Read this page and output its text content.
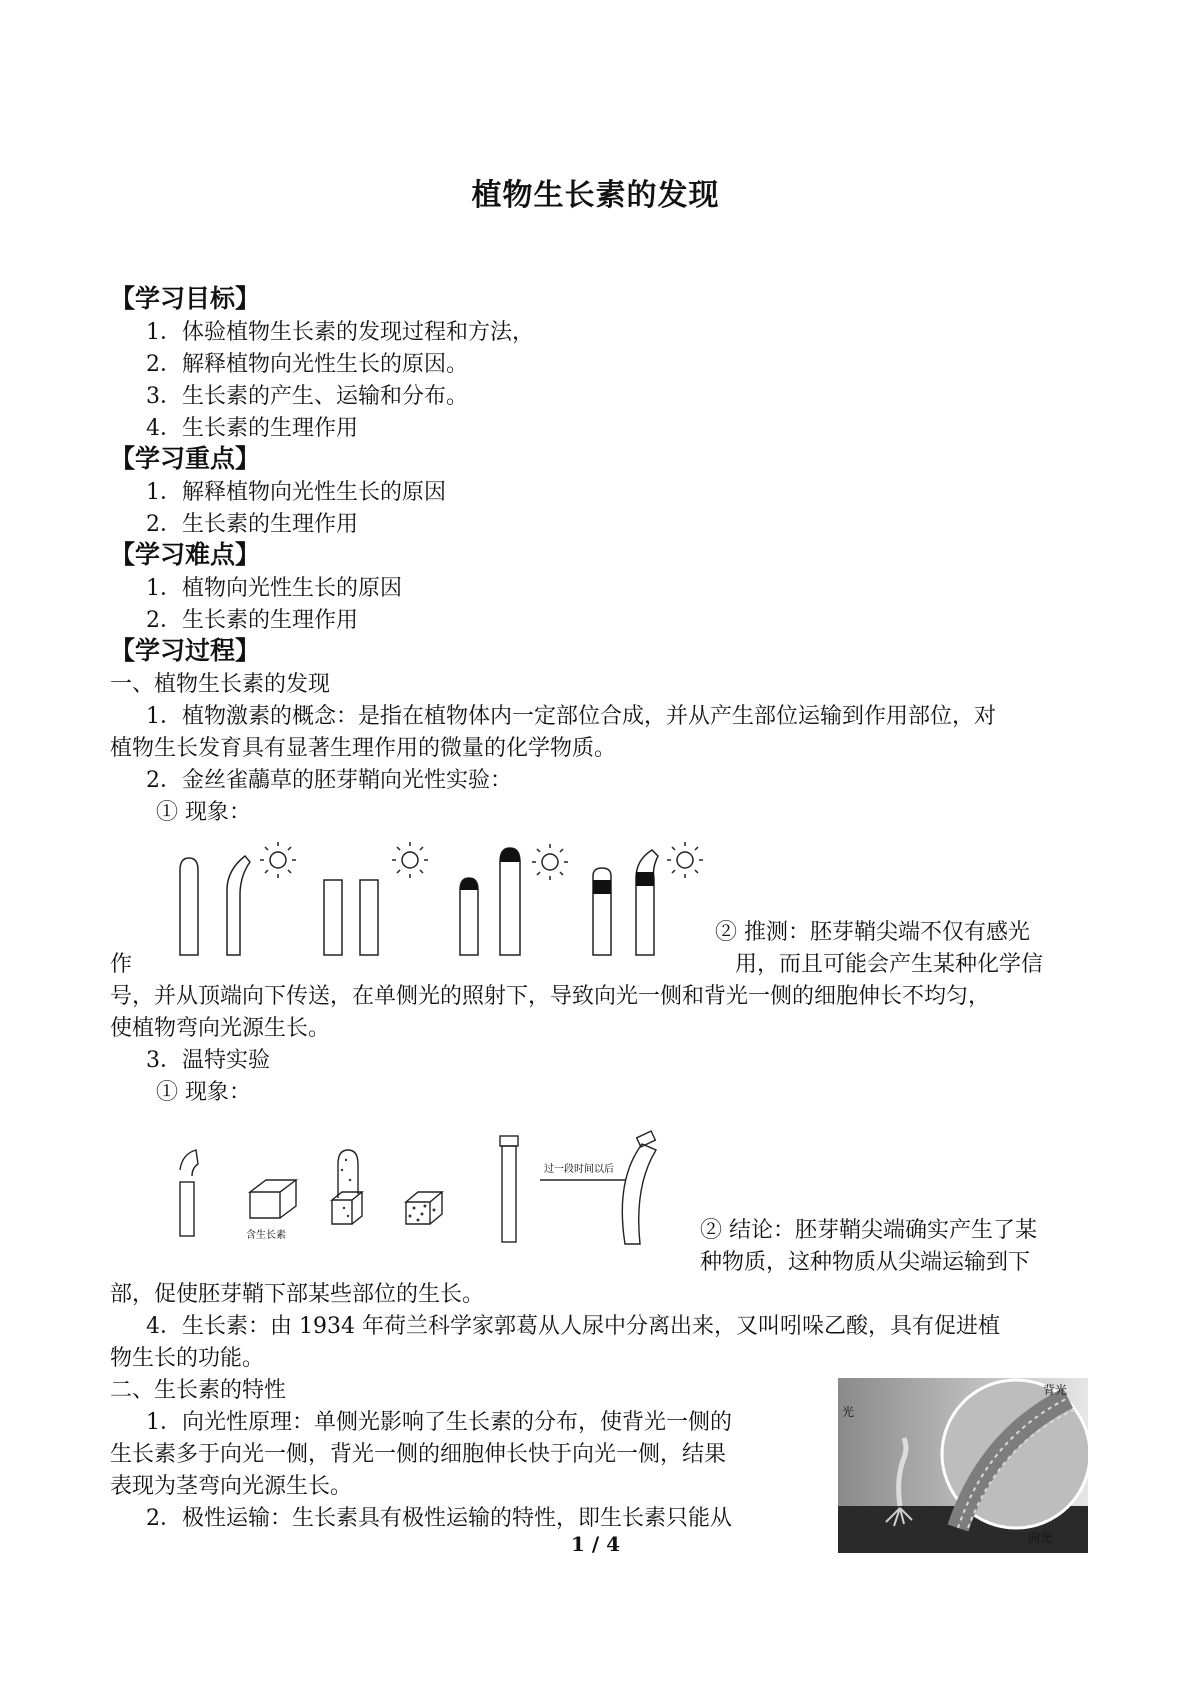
植物生长素的发现
【学习目标】
1．体验植物生长素的发现过程和方法，
2．解释植物向光性生长的原因。
3．生长素的产生、运输和分布。
4．生长素的生理作用
【学习重点】
1．解释植物向光性生长的原因
2．生长素的生理作用
【学习难点】
1．植物向光性生长的原因
2．生长素的生理作用
【学习过程】
一、植物生长素的发现
1．植物激素的概念：是指在植物体内一定部位合成，并从产生部位运输到作用部位，对
植物生长发育具有显著生理作用的微量的化学物质。
2．金丝雀虉草的胚芽鞘向光性实验：
① 现象：
② 推测：胚芽鞘尖端不仅有感光
作	用，而且可能会产生某种化学信
号，并从顶端向下传送，在单侧光的照射下，导致向光一侧和背光一侧的细胞伸长不均匀，
使植物弯向光源生长。
3．温特实验
① 现象：
含生长素
过一段时间以后
② 结论：胚芽鞘尖端确实产生了某
种物质，这种物质从尖端运输到下
部，促使胚芽鞘下部某些部位的生长。
4．生长素：由 1934 年荷兰科学家郭葛从人尿中分离出来，又叫吲哚乙酸，具有促进植
物生长的功能。
二、生长素的特性
1．向光性原理：单侧光影响了生长素的分布，使背光一侧的
生长素多于向光一侧，背光一侧的细胞伸长快于向光一侧，结果
表现为茎弯向光源生长。
2．极性运输：生长素具有极性运输的特性，即生长素只能从
光
背光
向光
1 / 4
